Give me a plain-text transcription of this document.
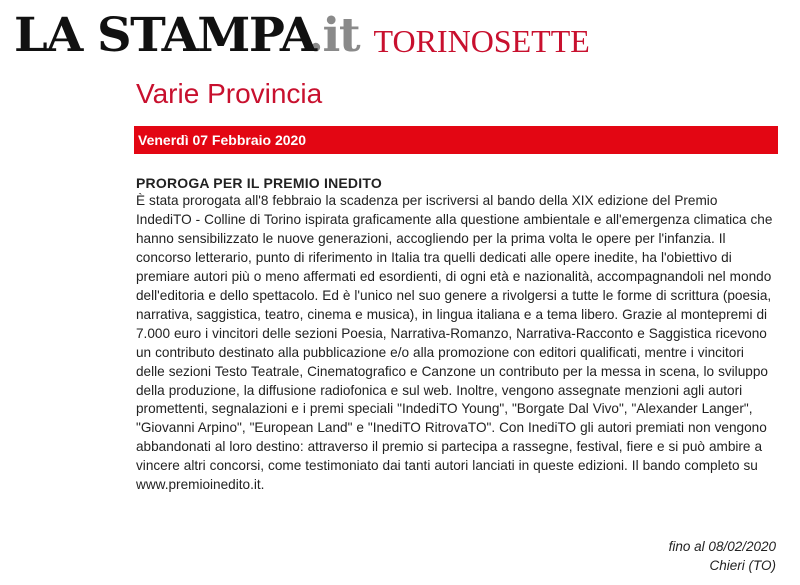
LA STAMPA.it TORINOSETTE
Varie Provincia
Venerdì 07 Febbraio 2020
PROROGA PER IL PREMIO INEDITO

È stata prorogata all'8 febbraio la scadenza per iscriversi al bando della XIX edizione del Premio IndediTO - Colline di Torino ispirata graficamente alla questione ambientale e all'emergenza climatica che hanno sensibilizzato le nuove generazioni, accogliendo per la prima volta le opere per l'infanzia. Il concorso letterario, punto di riferimento in Italia tra quelli dedicati alle opere inedite, ha l'obiettivo di premiare autori più o meno affermati ed esordienti, di ogni età e nazionalità, accompagnandoli nel mondo dell'editoria e dello spettacolo. Ed è l'unico nel suo genere a rivolgersi a tutte le forme di scrittura (poesia, narrativa, saggistica, teatro, cinema e musica), in lingua italiana e a tema libero. Grazie al montepremi di 7.000 euro i vincitori delle sezioni Poesia, Narrativa-Romanzo, Narrativa-Racconto e Saggistica ricevono un contributo destinato alla pubblicazione e/o alla promozione con editori qualificati, mentre i vincitori delle sezioni Testo Teatrale, Cinematografico e Canzone un contributo per la messa in scena, lo sviluppo della produzione, la diffusione radiofonica e sul web. Inoltre, vengono assegnate menzioni agli autori promettenti, segnalazioni e i premi speciali "IndediTO Young", "Borgate Dal Vivo", "Alexander Langer", "Giovanni Arpino", "European Land" e "InediTO RitrovaTO". Con InediTO gli autori premiati non vengono abbandonati al loro destino: attraverso il premio si partecipa a rassegne, festival, fiere e si può ambire a vincere altri concorsi, come testimoniato dai tanti autori lanciati in queste edizioni. Il bando completo su www.premioinedito.it.

fino al 08/02/2020
Chieri (TO)
